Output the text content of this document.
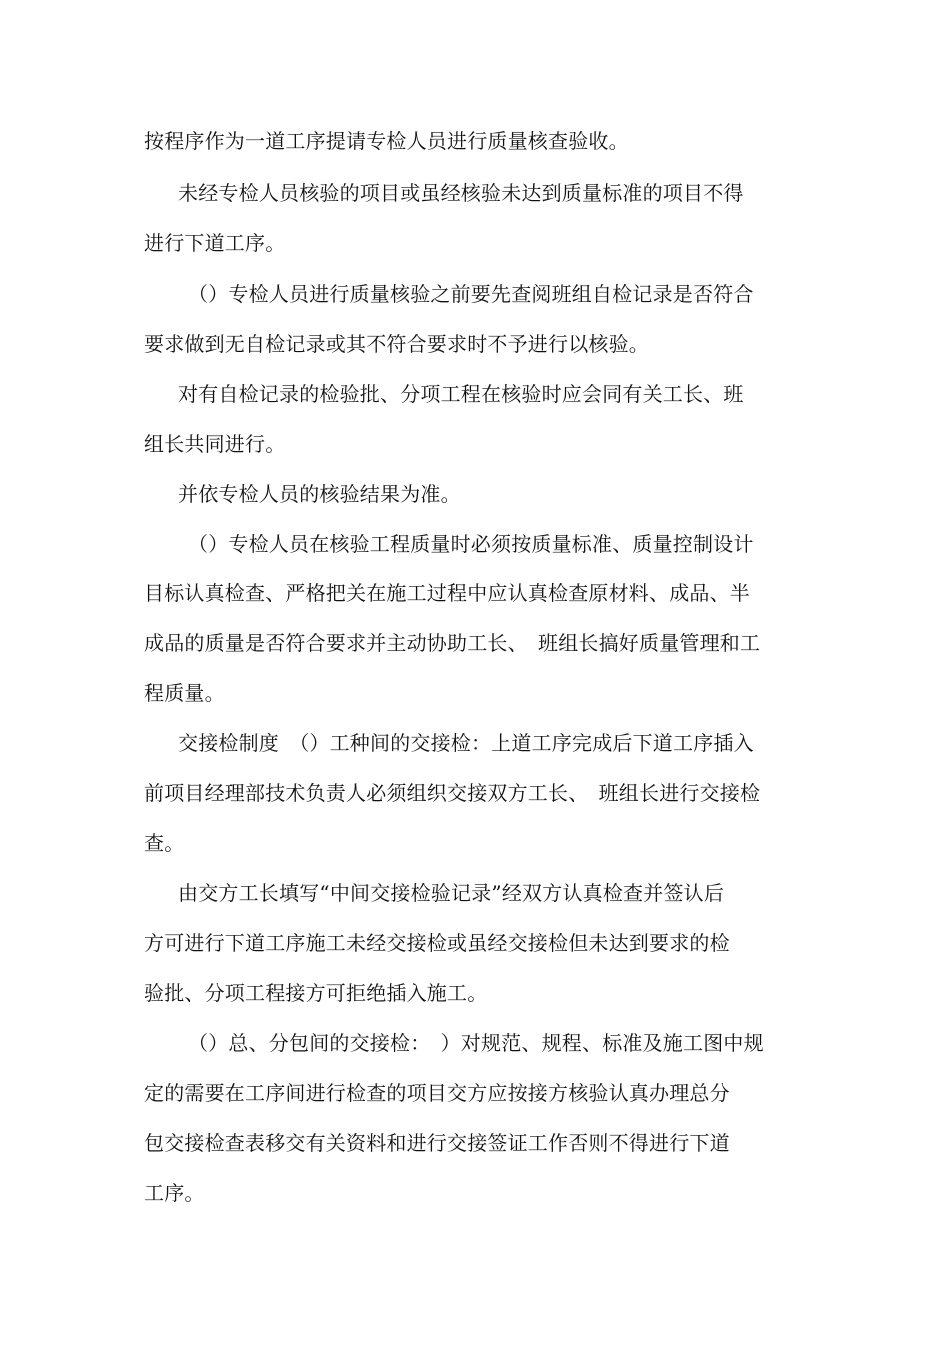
按程序作为一道工序提请专检人员进行质量核查验收。
未经专检人员核验的项目或虽经核验未达到质量标准的项目不得
进行下道工序。
（）专检人员进行质量核验之前要先查阅班组自检记录是否符合
要求做到无自检记录或其不符合要求时不予进行以核验。
对有自检记录的检验批、分项工程在核验时应会同有关工长、班
组长共同进行。
并依专检人员的核验结果为准。
（）专检人员在核验工程质量时必须按质量标准、质量控制设计
目标认真检查、严格把关在施工过程中应认真检查原材料、成品、半
成品的质量是否符合要求并主动协助工长、　班组长搞好质量管理和工
程质量。
交接检制度　（）工种间的交接检：上道工序完成后下道工序插入
前项目经理部技术负责人必须组织交接双方工长、　班组长进行交接检
查。
由交方工长填写“中间交接检验记录”经双方认真检查并签认后
方可进行下道工序施工未经交接检或虽经交接检但未达到要求的检
验批、分项工程接方可拒绝插入施工。
（）总、分包间的交接检：　）对规范、规程、标准及施工图中规
定的需要在工序间进行检查的项目交方应按接方核验认真办理总分
包交接检查表移交有关资料和进行交接签证工作否则不得进行下道
工序。
